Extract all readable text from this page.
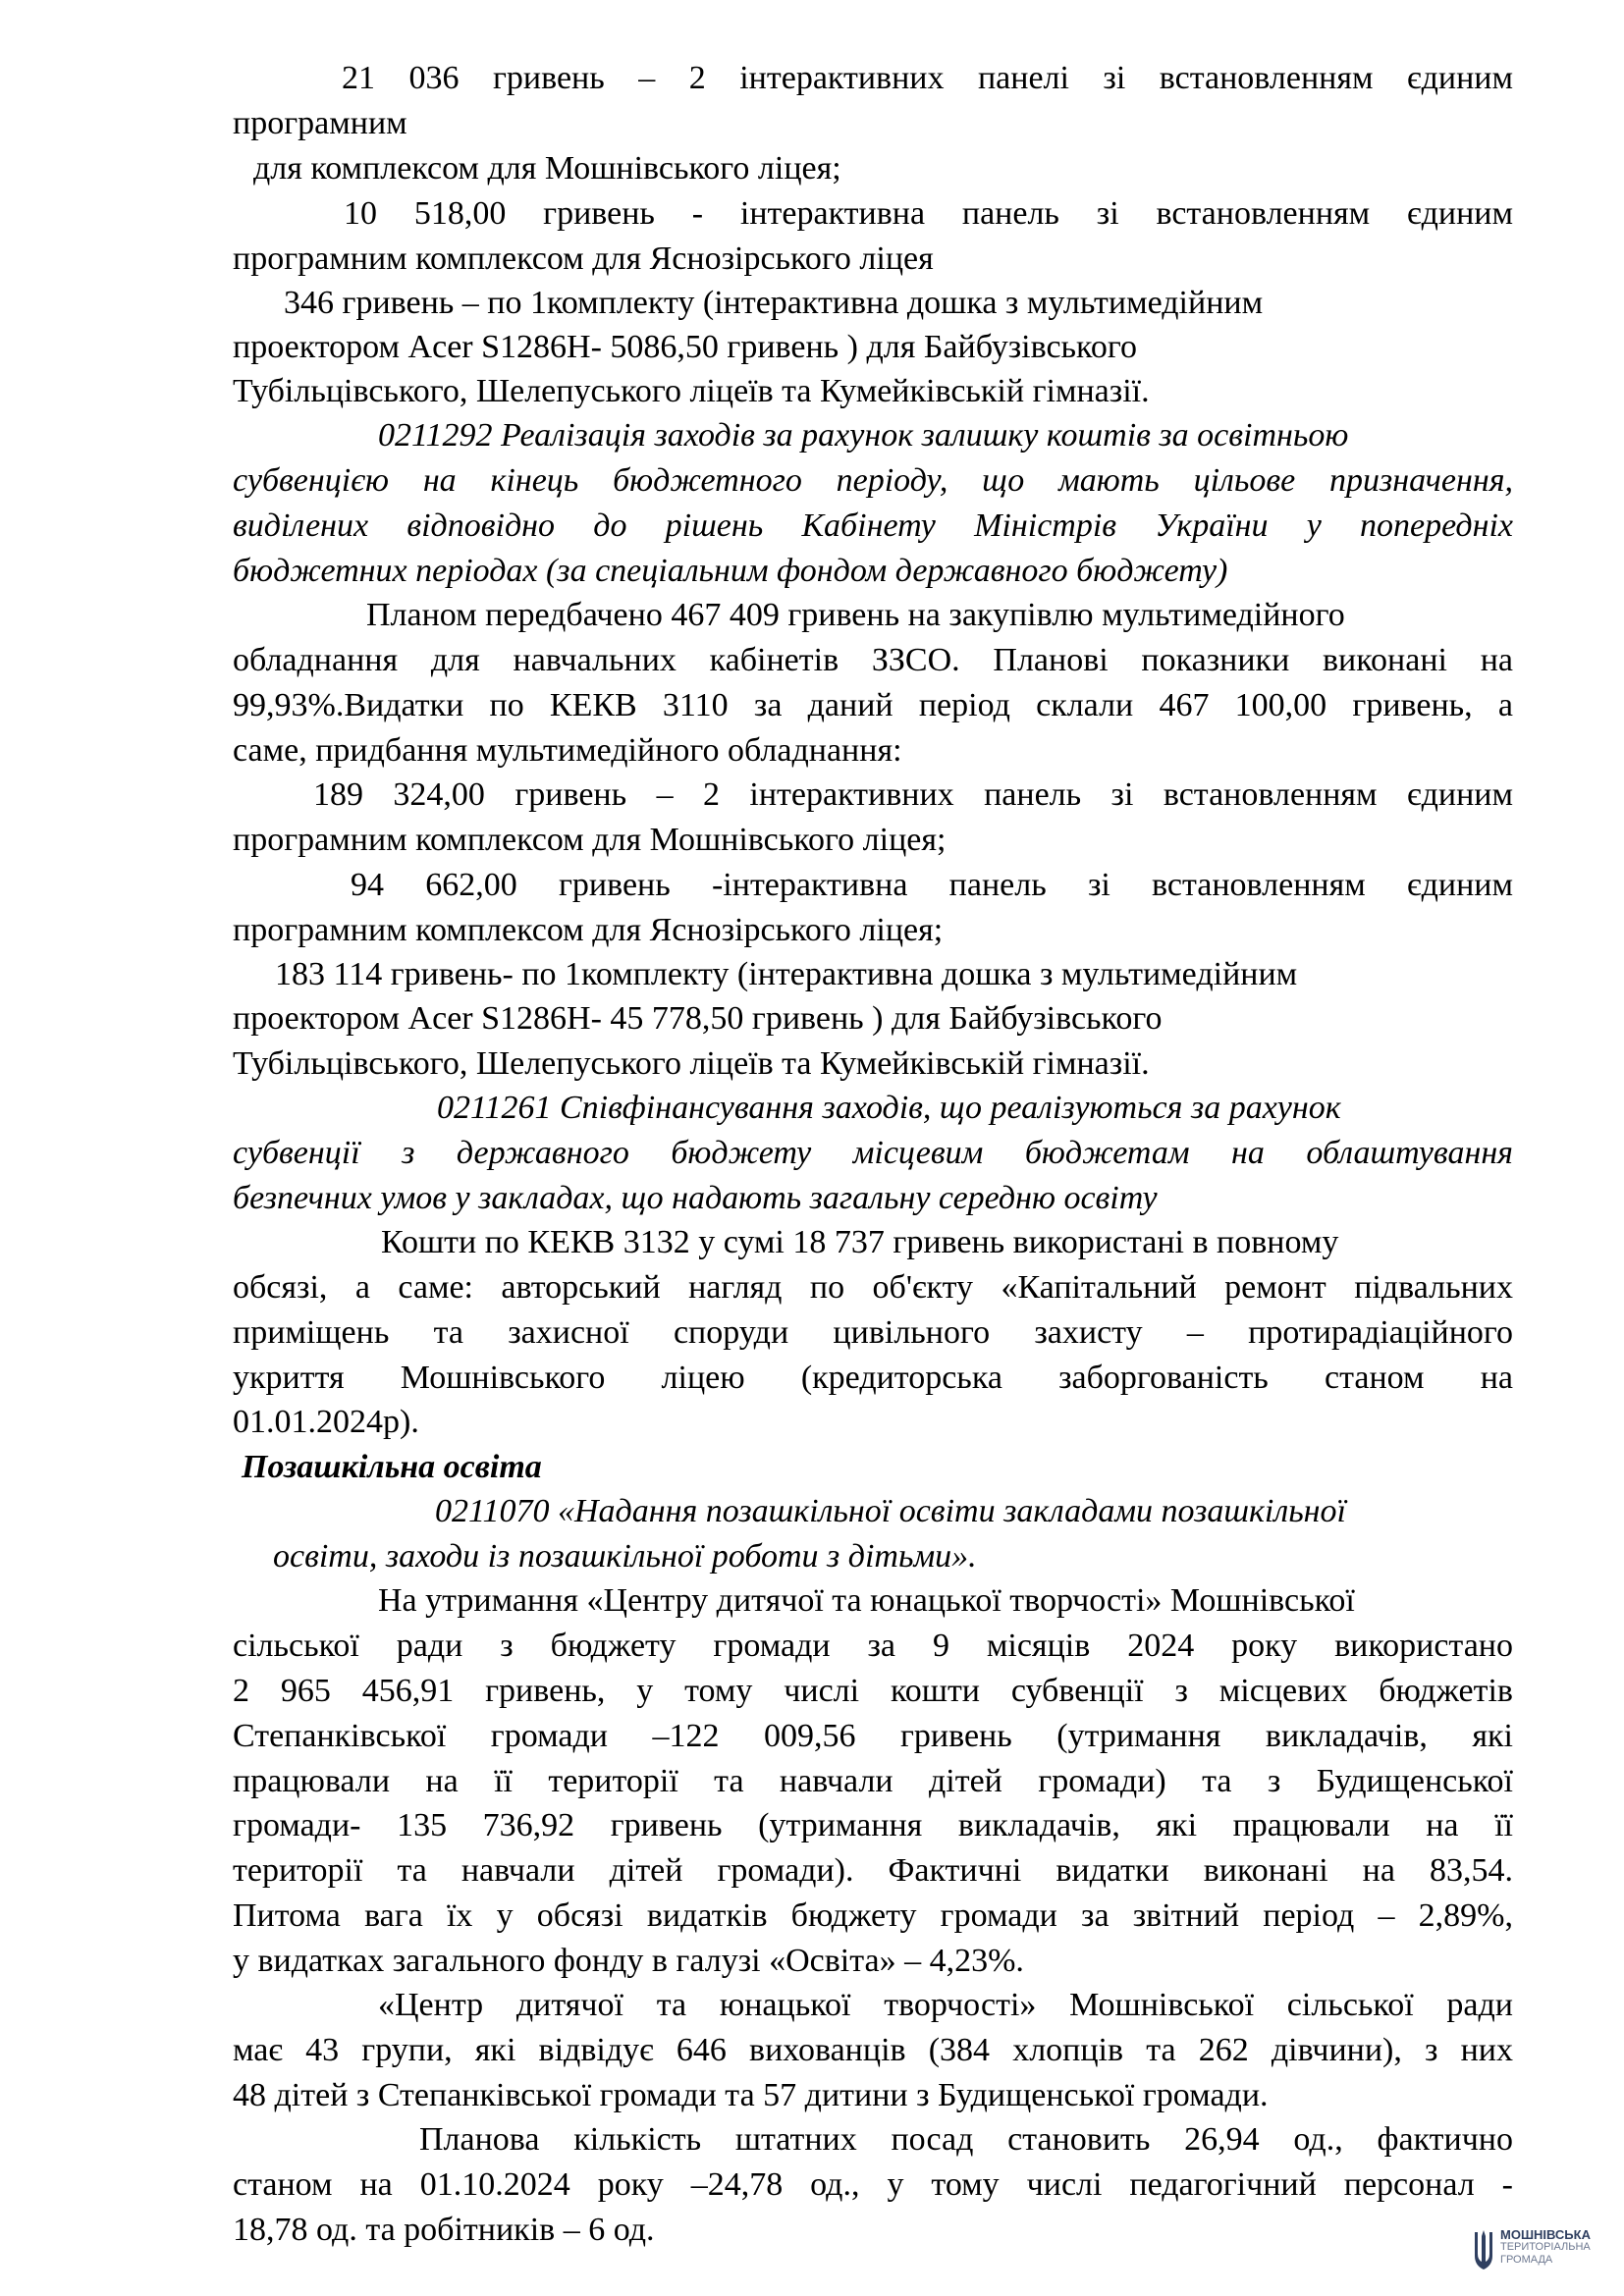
21 036 гривень – 2 інтерактивних панелі зі встановленням єдиним
програмним
для комплексом для Мошнівського ліцея;
10 518,00 гривень - інтерактивна панель зі встановленням єдиним
програмним комплексом для Яснозірського ліцея
346 гривень – по 1комплекту (інтерактивна дошка з мультимедійним
проектором Acer S1286H- 5086,50 гривень ) для Байбузівського
Тубільцівського, Шелепуського ліцеїв та Кумейківській гімназії.
0211292 Реалізація заходів за рахунок залишку коштів за освітньою
субвенцією на кінець бюджетного періоду, що мають цільове призначення,
виділених відповідно до рішень Кабінету Міністрів України у попередніх
бюджетних періодах (за спеціальним фондом державного бюджету)
Планом передбачено 467 409 гривень на закупівлю мультимедійного
обладнання для навчальних кабінетів ЗЗСО. Планові показники виконані на
99,93%.Видатки по КЕКВ 3110 за даний період склали 467 100,00 гривень, а
саме, придбання мультимедійного обладнання:
189 324,00 гривень – 2 інтерактивних панель зі встановленням єдиним
програмним комплексом для Мошнівського ліцея;
94 662,00 гривень -інтерактивна панель зі встановленням єдиним
програмним комплексом для Яснозірського ліцея;
183 114 гривень- по 1комплекту (інтерактивна дошка з мультимедійним
проектором Acer S1286H- 45 778,50 гривень ) для Байбузівського
Тубільцівського, Шелепуського ліцеїв та Кумейківській гімназії.
0211261 Співфінансування заходів, що реалізуються за рахунок
субвенції з державного бюджету місцевим бюджетам на облаштування
безпечних умов у закладах, що надають загальну середню освіту
Кошти по КЕКВ 3132 у сумі 18 737 гривень використані в повному
обсязі, а саме: авторський нагляд по об'єкту «Капітальний ремонт підвальних
приміщень та захисної споруди цивільного захисту – протирадіаційного
укриття Мошнівського ліцею (кредиторська заборгованість станом на
01.01.2024р).
Позашкільна освіта
0211070 «Надання позашкільної освіти закладами позашкільної
освіти, заходи із позашкільної роботи з дітьми».
На утримання «Центру дитячої та юнацької творчості» Мошнівської
сільської ради з бюджету громади за 9 місяців 2024 року використано
2 965 456,91 гривень, у тому числі кошти субвенції з місцевих бюджетів
Степанківської громади –122 009,56 гривень (утримання викладачів, які
працювали на її території та навчали дітей громади) та з Будищенської
громади- 135 736,92 гривень (утримання викладачів, які працювали на її
території та навчали дітей громади). Фактичні видатки виконані на 83,54.
Питома вага їх у обсязі видатків бюджету громади за звітний період – 2,89%,
у видатках загального фонду в галузі «Освіта» – 4,23%.
«Центр дитячої та юнацької творчості» Мошнівської сільської ради
має 43 групи, які відвідує 646 вихованців (384 хлопців та 262 дівчини), з них
48 дітей з Степанківської громади та 57 дитини з Будищенської громади.
Планова кількість штатних посад становить 26,94 од., фактично
станом на 01.10.2024 року –24,78 од., у тому числі педагогічний персонал -
18,78 од. та робітників – 6 од.	МОШНІВСЬКА
ТЕРИТОРІАЛЬНА
ГРОМАДА
